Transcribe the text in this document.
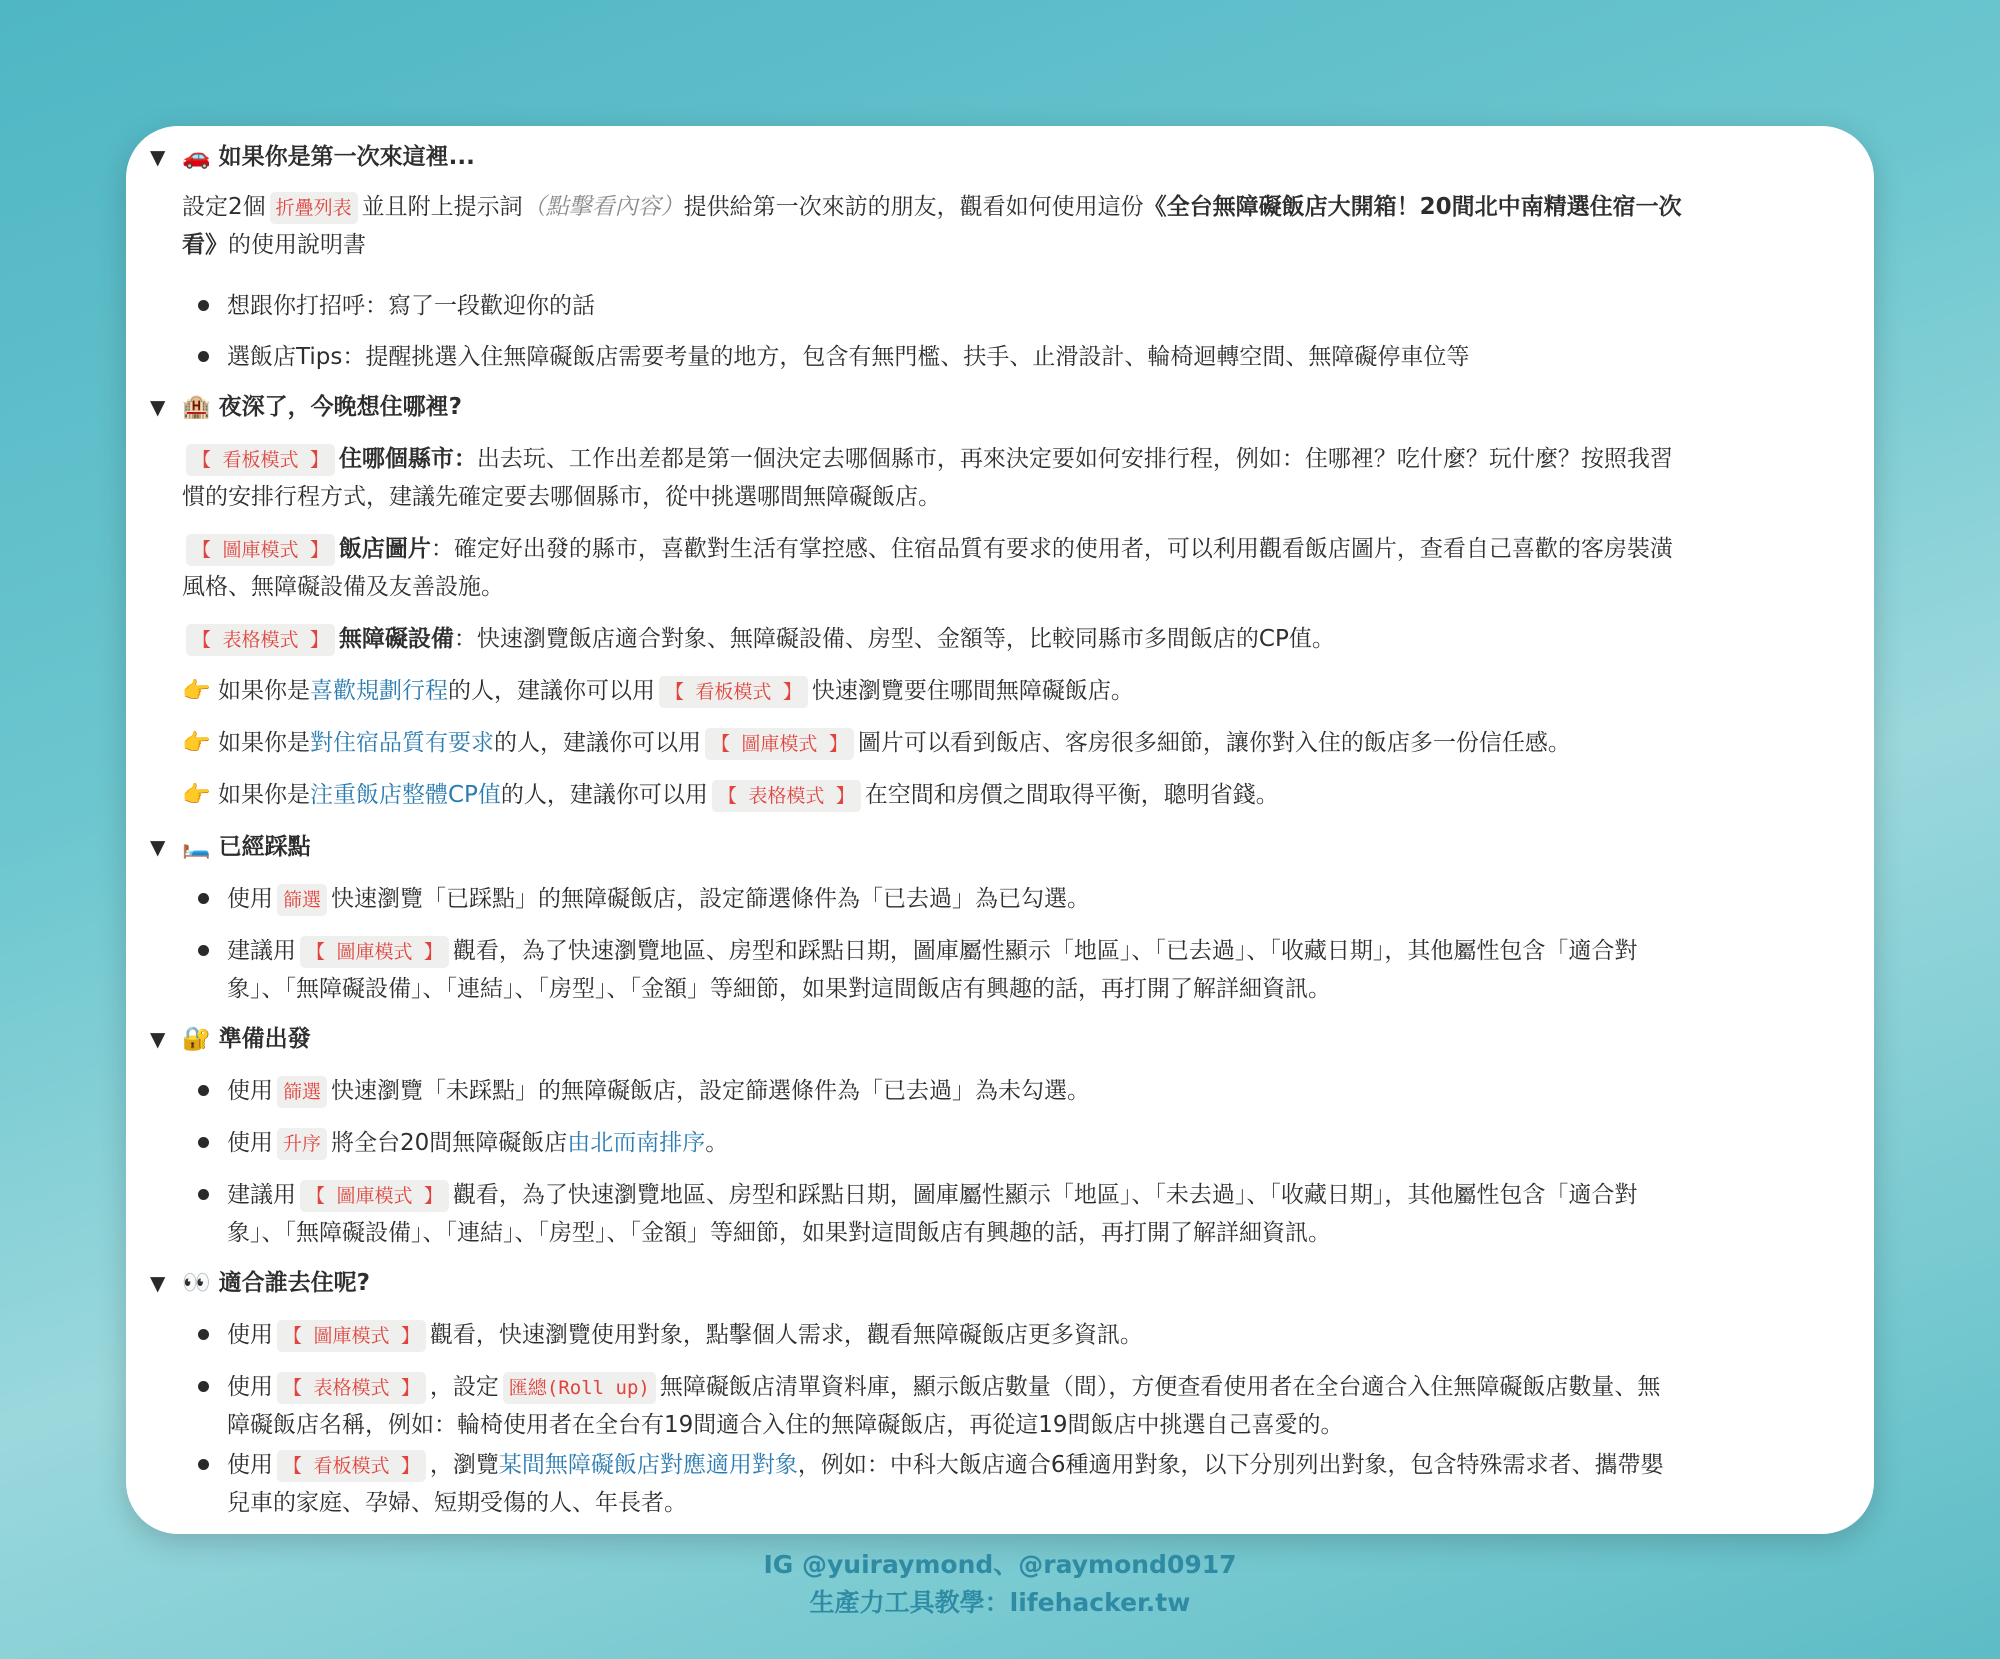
▼ 🚗 如果你是第一次來這裡...
設定2個 折疊列表 並且附上提示詞（點擊看內容）提供給第一次來訪的朋友，觀看如何使用這份《全台無障礙飯店大開箱！20間北中南精選住宿一次
看》的使用說明書
想跟你打招呼：寫了一段歡迎你的話
選飯店Tips：提醒挑選入住無障礙飯店需要考量的地方，包含有無門檻、扶手、止滑設計、輪椅迴轉空間、無障礙停車位等
▼ 🏨 夜深了，今晚想住哪裡?
【 看板模式 】 住哪個縣市：出去玩、工作出差都是第一個決定去哪個縣市，再來決定要如何安排行程，例如：住哪裡？吃什麼？玩什麼？按照我習
慣的安排行程方式，建議先確定要去哪個縣市，從中挑選哪間無障礙飯店。
【 圖庫模式 】 飯店圖片：確定好出發的縣市，喜歡對生活有掌控感、住宿品質有要求的使用者，可以利用觀看飯店圖片，查看自己喜歡的客房裝潢
風格、無障礙設備及友善設施。
【 表格模式 】 無障礙設備：快速瀏覽飯店適合對象、無障礙設備、房型、金額等，比較同縣市多間飯店的CP值。
👉 如果你是喜歡規劃行程的人，建議你可以用 【 看板模式 】 快速瀏覽要住哪間無障礙飯店。
👉 如果你是對住宿品質有要求的人，建議你可以用 【 圖庫模式 】 圖片可以看到飯店、客房很多細節，讓你對入住的飯店多一份信任感。
👉 如果你是注重飯店整體CP值的人，建議你可以用 【 表格模式 】 在空間和房價之間取得平衡，聰明省錢。
▼ 🛏️ 已經踩點
使用 篩選 快速瀏覽「已踩點」的無障礙飯店，設定篩選條件為「已去過」為已勾選。
建議用 【 圖庫模式 】 觀看，為了快速瀏覽地區、房型和踩點日期，圖庫屬性顯示「地區」、「已去過」、「收藏日期」，其他屬性包含「適合對
象」、「無障礙設備」、「連結」、「房型」、「金額」等細節，如果對這間飯店有興趣的話，再打開了解詳細資訊。
▼ 🔐 準備出發
使用 篩選 快速瀏覽「未踩點」的無障礙飯店，設定篩選條件為「已去過」為未勾選。
使用 升序 將全台20間無障礙飯店由北而南排序。
建議用 【 圖庫模式 】 觀看，為了快速瀏覽地區、房型和踩點日期，圖庫屬性顯示「地區」、「未去過」、「收藏日期」，其他屬性包含「適合對
象」、「無障礙設備」、「連結」、「房型」、「金額」等細節，如果對這間飯店有興趣的話，再打開了解詳細資訊。
▼ 👀 適合誰去住呢?
使用 【 圖庫模式 】 觀看，快速瀏覽使用對象，點擊個人需求，觀看無障礙飯店更多資訊。
使用 【 表格模式 】 ，設定 匯總(Roll up) 無障礙飯店清單資料庫，顯示飯店數量（間），方便查看使用者在全台適合入住無障礙飯店數量、無
障礙飯店名稱，例如：輪椅使用者在全台有19間適合入住的無障礙飯店，再從這19間飯店中挑選自己喜愛的。
使用 【 看板模式 】 ，瀏覽某間無障礙飯店對應適用對象，例如：中科大飯店適合6種適用對象，以下分別列出對象，包含特殊需求者、攜帶嬰
兒車的家庭、孕婦、短期受傷的人、年長者。
IG @yuiraymond、@raymond0917
生產力工具教學：lifehacker.tw
